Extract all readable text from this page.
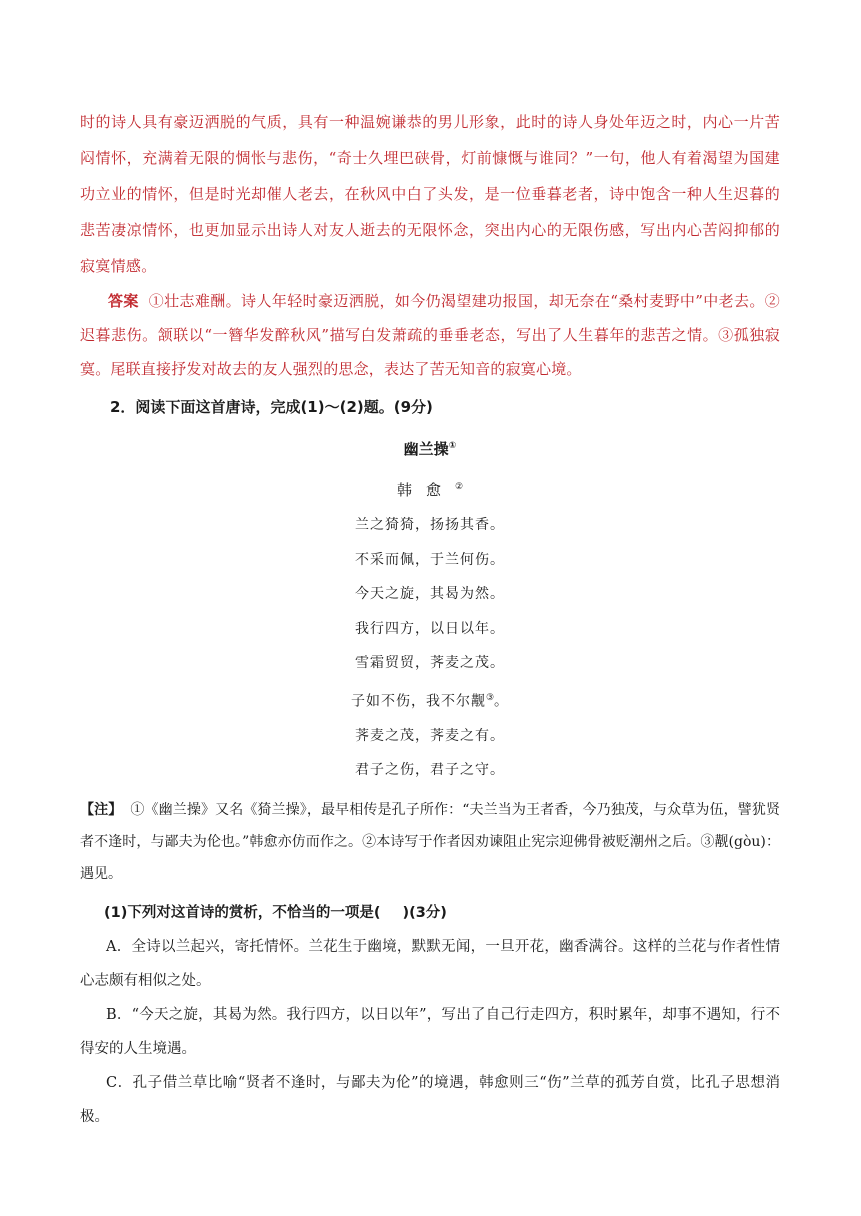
时的诗人具有豪迈洒脱的气质，具有一种温婉谦恭的男儿形象，此时的诗人身处年迈之时，内心一片苦闷情怀，充满着无限的惆怅与悲伤，“奇士久埋巴硖骨，灯前慷慨与谁同？”一句，他人有着渴望为国建功立业的情怀，但是时光却催人老去，在秋风中白了头发，是一位垂暮老者，诗中饱含一种人生迟暮的悲苦凄凉情怀，也更加显示出诗人对友人逝去的无限怀念，突出内心的无限伤感，写出内心苦闷抑郁的寂寞情感。

答案 ①壮志难酬。诗人年轻时豪迈洒脱，如今仍渴望建功报国，却无奈在“桑村麦野中”中老去。②迟暮悲伤。颔联以“一簪华发醉秋风”描写白发萧疏的垂垂老态，写出了人生暮年的悲苦之情。③孤独寂寞。尾联直接抒发对故去的友人强烈的思念，表达了苦无知音的寂寞心境。

2．阅读下面这首唐诗，完成(1)～(2)题。(9分)

幽兰操①
韩愈②
兰之猗猗，扬扬其香。
不采而佩，于兰何伤。
今天之旋，其曷为然。
我行四方，以日以年。
雪霜贸贸，荠麦之茂。
子如不伤，我不尔觏③。
荠麦之茂，荠麦之有。
君子之伤，君子之守。

【注】 ①《幽兰操》又名《猗兰操》，最早相传是孔子所作：“夫兰当为王者香，今乃独茂，与众草为伍，譬犹贤者不逢时，与鄙夫为伦也。”韩愈亦仿而作之。②本诗写于作者因劝谏阻止宪宗迎佛骨被贬潮州之后。③觏(gòu)：遇见。

(1)下列对这首诗的赏析，不恰当的一项是( )(3分)

A．全诗以兰起兴，寄托情怀。兰花生于幽境，默默无闻，一旦开花，幽香满谷。这样的兰花与作者性情心志颇有相似之处。

B．“今天之旋，其曷为然。我行四方，以日以年”，写出了自己行走四方，积时累年，却事不遇知，行不得安的人生境遇。

C．孔子借兰草比喻“贤者不逢时，与鄙夫为伦”的境遇，韩愈则三“伤”兰草的孤芳自赏，比孔子思想消极。
